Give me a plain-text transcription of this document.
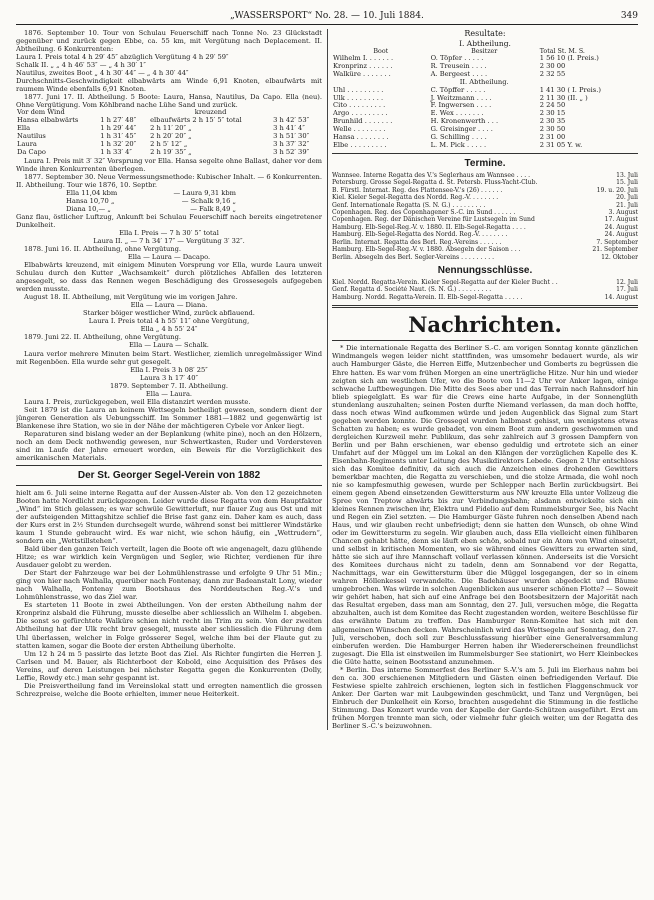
„WASSERSPORT“ No. 28. — 10. Juli 1884.	349

1876. September 10. Tour von Schulau Feuerschiff nach Tonne No. 23 Glückstadt gegenüber und zurück gegen Ebbe, ca. 55 km, mit Vergütung nach Deplacement. II. Abtheilung. 6 Konkurrenten:

Laura I. Preis total 4 h 29′ 45″ abzüglich Vergütung 4 h 29′ 59″

Schalk II. „ „ 4 h 46′ 53″ — „ 4 h 30′ 1″

Nautilus, zweites Boot „ 4 h 30′ 44″ — „ 4 h 30′ 44″

Durchschnitts-Geschwindigkeit elbabwärts am Winde 6,91 Knoten, elbaufwärts mit raumem Winde ebenfalls 6,91 Knoten.

1877. Juni 17. II. Abtheilung. 5 Boote: Laura, Hansa, Nautilus, Da Capo. Ella (neu). Ohne Vergütigung. Vom Köhlbrand nache Lühe Sand und zurück.

Vor dem Wind		kreuzend	
Hansa elbabwärts	1 h 27′ 48″	elbaufwärts 2 h 15′ 5″ total	3 h 42′ 53″
Ella	1 h 29′ 44″	2 h 11′ 20″ „	3 h 41′ 4″
Nautilus	1 h 31′ 45″	2 h 20′ 20″ „	3 h 51′ 30″
Laura	1 h 32′ 20″	2 h 5′ 12″ „	3 h 37′ 32″
Da Capo	1 h 33′ 4″	2 h 19′ 35″ „	3 h 52′ 39″

Laura I. Preis mit 3′ 32″ Vorsprung vor Ella. Hansa segelte ohne Ballast, daher vor dem Winde ihren Konkurrenten überlegen.

1877. September 30. Neue Vermessungsmethode: Kubischer Inhalt. — 6 Konkurrenten. II. Abtheilung. Tour wie 1876, 10. Septbr.

Ella 11,04 kbm	— Laura 9,31 kbm
Hansa 10,70 „	— Schalk 9,16 „
Diana 10,— „	— Falk 8,49 „

Ganz flau, östlicher Luftzug, Ankunft bei Schulau Feuerschiff nach bereits eingetretener Dunkelheit.

Ella I. Preis — 7 h 30′ 5″ total

Laura II. „ — 7 h 34′ 17″ — Vergütung 3′ 32″.

1878. Juni 16. II. Abtheilung, ohne Vergütung.

Ella — Laura — Dacapo.

Elbabwärts kreuzend, mit einigem Minuten Vorsprung vor Ella, wurde Laura unweit Schulau durch den Kutter „Wachsamkeit“ durch plötzliches Abfallen des letzteren angesegelt, so dass das Rennen wegen Beschädigung des Grossesegels aufgegeben werden musste.

August 18. II. Abtheilung, mit Vergütung wie im vorigen Jahre.

Ella — Laura — Diana.

Starker böiger westlicher Wind, zurück abflauend.

Laura I. Preis total 4 h 55′ 11″ ohne Vergütung,

Ella „ 4 h 55′ 24″

1879. Juni 22. II. Abtheilung, ohne Vergütung.

Ella — Laura — Schalk.

Laura verlor mehrere Minuten beim Start. Westlicher, ziemlich unregelmässiger Wind mit Regenböen. Ella wurde sehr gut gesegelt.

Ella I. Preis 3 h 08′ 25″

Laura 3 h 17′ 40″

1879. September 7. II. Abtheilung.

Ella — Laura.

Laura I. Preis, zurückgegeben, weil Ella distanzirt werden musste.

Seit 1879 ist die Laura an keinem Wettsegeln betheiligt gewesen, sondern dient der jüngeren Generation als Uebungsschiff. Im Sommer 1881—1882 und gegenwärtig ist Blankenese ihre Station, wo sie in der Nähe der mächtigeren Cybele vor Anker liegt.

Reparaturen sind bislang weder an der Beplankung (white pine), noch an den Hölzern, noch an dem Deck nothwendig gewesen, nur Schwertkasten, Ruder und Vordersteven sind im Laufe der Jahre erneuert worden, ein Beweis für die Vorzüglichkeit des amerikanischen Materials.

Der St. Georger Segel-Verein von 1882

hielt am 6. Juli seine interne Regatta auf der Aussen-Alster ab. Von den 12 gezeichneten Booten hatte Nordlicht zurückgezogen. Leider wurde diese Regatta von dem Hauptfaktor „Wind“ im Stich gelassen; es war schwüle Gewitterluft, nur flauer Zug aus Ost und mit der aufsteigenden Mittagshitze schlief die Brise fast ganz ein. Daher kam es auch, dass der Kurs erst in 2½ Stunden durchsegelt wurde, während sonst bei mittlerer Windstärke kaum 1 Stunde gebraucht wird. Es war nicht, wie schon häufig, ein „Wettrudern“, sondern ein „Wettstillstehen“.

Bald über den ganzen Teich verteilt, lagen die Boote oft wie angenagelt, dazu glühende Hitze; es war wirklich kein Vergnügen und Segler, wie Richter, verdienen für ihre Ausdauer gelobt zu werden.

Der Start der Fahrzeuge war bei der Lohmühlenstrasse und erfolgte 9 Uhr 51 Min.; ging von hier nach Walhalla, querüber nach Fontenay, dann zur Badeanstalt Lony, wieder nach Walhalla, Fontenay zum Bootshaus des Norddeutschen Reg.-V.'s und Lohmühlenstrasse, wo das Ziel war.

Es starteten 11 Boote in zwei Abtheilungen. Von der ersten Abtheilung nahm der Kronprinz alsbald die Führung, musste dieselbe aber schliesslich an Wilhelm I. abgeben. Die sonst so gefürchtete Walküre schien nicht recht im Trim zu sein. Von der zweiten Abtheilung hat der Ulk recht brav gesegelt, musste aber schliesslich die Führung dem Uhl überlassen, welcher in Folge grösserer Segel, welche ihm bei der Flaute gut zu statten kamen, sogar die Boote der ersten Abtheilung überholte.

Um 12 h 24 m 5 passirte das letzte Boot das Ziel. Als Richter fungirten die Herren J. Carlsen und M. Bauer, als Richterboot der Kobold, eine Acquisition des Präses des Vereins, auf deren Leistungen bei nächster Regatta gegen die Konkurrenten (Dolly, Leffie, Rowdy etc.) man sehr gespannt ist.

Die Preisvertheilung fand im Vereinslokal statt und erregten namentlich die grossen Schrezpreise, welche die Boote erhielten, immer neue Heiterkeit.

Resultate:
I. Abtheilung.
Boot	Besitzer	Total St. M. S.
Wilhelm I. . . . . . .	O. Töpfer . . . . .	1 56 10 (I. Preis.)
Kronprinz . . . . . .	R. Treusein . . . .	2 30 00
Walküre . . . . . . .	A. Bergeest . . . .	2 32 55
	II. Abtheilung.	
Uhl . . . . . . . . .	C. Töpffer . . . . .	1 41 30 ( I. Preis.)
Ulk . . . . . . . . .	J. Weitzmann . . . .	2 11 30 (II. „ )
Cito . . . . . . . . .	F. Ingwersen . . . .	2 24 50
Argo . . . . . . . . .	E. Wex . . . . . . .	2 30 15
Brunhild . . . . . . .	H. Kronenwerth . . .	2 30 35
Welle . . . . . . . .	G. Greisinger . . . .	2 30 50
Hansa . . . . . . . .	G. Schilling . . . .	2 31 00
Elbe . . . . . . . . .	L. M. Pick . . . . .	2 31 05 Y. w.
Termine.
Wannsee. Interne Regatta des V.'s Seglerhaus am Wannsee . . . .	13. Juli
Petersburg. Grosse Segel-Regatta d. St. Petersb. Fluss-Yacht-Club.	15. Juli
B. Fürstl. Internat. Reg. des Plattensee-V.'s (26) . . . . . .	19. u. 20. Juli
Kiel. Kieler Segel-Regatta des Nordd. Reg.-V. . . . . . . .	20. Juli
Genf. Internationale Regatta (S. N. G.) . . . . . . . . .	21. Juli
Copenhagen. Reg. des Copenhagener S.-C. im Sund . . . . . .	3. August
Copenhagen. Reg. der Dänischen Vereine für Lustsegeln im Sund	17. August
Hamburg. Elb-Segel-Reg.-V. v. 1880. II. Elb-Segel-Regatta . . . .	24. August
Hamburg. Elb-Segel-Regatta des Nordd. Reg.-V. . . . . . . .	24. August
Berlin. Internat. Regatta des Berl. Reg.-Vereins . . . . . .	7. September
Hamburg. Elb-Segel-Reg.-V. v. 1880. Absegeln der Saison . . .	21. September
Berlin. Absegeln des Berl. Segler-Vereins . . . . . . . . .	12. Oktober
Nennungsschlüsse.
Kiel. Nordd. Regatta-Verein. Kieler Segel-Regatta auf der Kieler Bucht . .	12. Juli
Genf. Regatta d. Société Naut. (S. N. G.) . . . . . . . . .	17. Juli
Hamburg. Nordd. Regatta-Verein. II. Elb-Segel-Regatta . . . . .	14. August
Nachrichten.

* Die internationale Regatta des Berliner S.-C. am vorigen Sonntag konnte gänzlichen Windmangels wegen leider nicht stattfinden, was umsomehr bedauert wurde, als wir auch Hamburger Gäste, die Herren Eiffe, Mutzenbecher und Gomberts zu begrüssen die Ehre hatten. Es war vom frühen Morgen an eine unerträgliche Hitze. Nur hin und wieder zeigten sich am westlichen Ufer, wo die Boote von 11—2 Uhr vor Anker lagen, einige schwache Luftbewegungen. Die Mitte des Sees aber und das Terrain nach Rahnsdorf hin blieb spiegelglatt. Es war für die Crews eine harte Aufgabe, in der Sonnenglüth stundenlang auszuhalten; seinen Posten durfte Niemand verlassen, da man doch hoffte, dass noch etwas Wind aufkommen würde und jeden Augenblick das Signal zum Start gegeben werden konnte. Die Grossegel wurden halbmast gehisst, um wenigstens etwas Schatten zu haben; es wurde gebadet, von einem Boot zum andern geschwommen und dergleichen Kurzweil mehr. Publikum, das sehr zahlreich auf 3 grossen Dampfern von Berlin und per Bahn erschienen, war ebenso geduldig und ertrotete sich an einer Umfahrt auf der Müggel um im Lokal an den Klängen der vorzüglichen Kapelle des K. Eisenbahn-Regiments unter Leitung des Musikdirektors Lebede. Gegen 2 Uhr entschloss sich das Komitee definitiv, da sich auch die Anzeichen eines drohenden Gewitters bemerkbar machten, die Regatta zu verschieben, und die stolze Armada, die wohl noch nie so kampfesmuthig gewesen, wurde per Schlepper nach Berlin zurückbugsirt. Bei einem gegen Abend einsetzenden Gewittersturm aus NW kreuzte Ella unter Vollzeug die Spree von Treptow abwärts bis zur Verbindungsbahn; alsdann entwickelte sich ein kleines Rennen zwischen ihr, Elektra und Fidelio auf dem Rummelsburger See, bis Nacht und Regen ein Ziel setzten. — Die Hamburger Gäste fuhren noch denselben Abend nach Haus, und wir glauben recht unbefriedigt; denn sie hatten den Wunsch, ob ohne Wind oder im Gewittersturm zu segeln. Wir glauben auch, dass Ella vielleicht einen fühlbaren Chancen gehabt hätte, denn sie läuft eben schön, sobald nur ein Atom von Wind einsetzt, und selbst in kritischen Momenten, wo sie während eines Gewitters zu erwarten sind, hätte sie sich auf ihre Mannschaft vollauf verlassen können. Anderseits ist die Vorsicht des Komitees durchaus nicht zu tadeln, denn am Sonnabend vor der Regatta, Nachmittags, war ein Gewittersturm über die Müggel losgegangen, der so in einem wahren Höllenkessel verwandelte. Die Badehäuser wurden abgedeckt und Bäume umgebrochen. Was würde in solchen Augenblicken aus unserer schönen Flotte? — Soweit wir gehört haben, hat sich auf eine Anfrage bei den Bootsbesitzern der Majorität nach das Resultat ergeben, dass man am Sonntag, den 27. Juli, versuchen möge, die Regatta abzuhalten, auch ist dem Komitee das Recht zugestanden worden, weitere Beschlüsse für das erwähnte Datum zu treffen. Das Hamburger Renn-Komitee hat sich mit den allgemeinen Wünschen decken. Wahrscheinlich wird das Wettsegeln auf Sonntag, den 27. Juli, verschoben, doch soll zur Beschlussfassung hierüber eine Generalversammlung einberufen werden. Die Hamburger Herren haben ihr Wiedererscheinen freundlichst zugesagt. Die Ella ist einstweilen im Rummelsburger See stationirt, wo Herr Kleinbeckes die Güte hatte, seinen Bootsstand anzunehmen.

* Berlin. Das interne Sommerfest des Berliner S.-V.'s am 5. Juli im Eierhaus nahm bei den ca. 300 erschienenen Mitgliedern und Gästen einen befriedigenden Verlauf. Die Festwiese spielte zahlreich erschienen, legten sich in festlichen Flaggenschmuck vor Anker. Der Garten war mit Laubgewinden geschmückt, und Tanz und Vergnügen, bei Einbruch der Dunkelheit ein Korso, brachten ausgedehnt die Stimmung in die festliche Stimmung. Das Konzert wurde von der Kapelle der Garde-Schützen ausgeführt. Erst am frühen Morgen trennte man sich, oder vielmehr fuhr gleich weiter, um der Regatta des Berliner S.-C.'s beizuwohnen.
